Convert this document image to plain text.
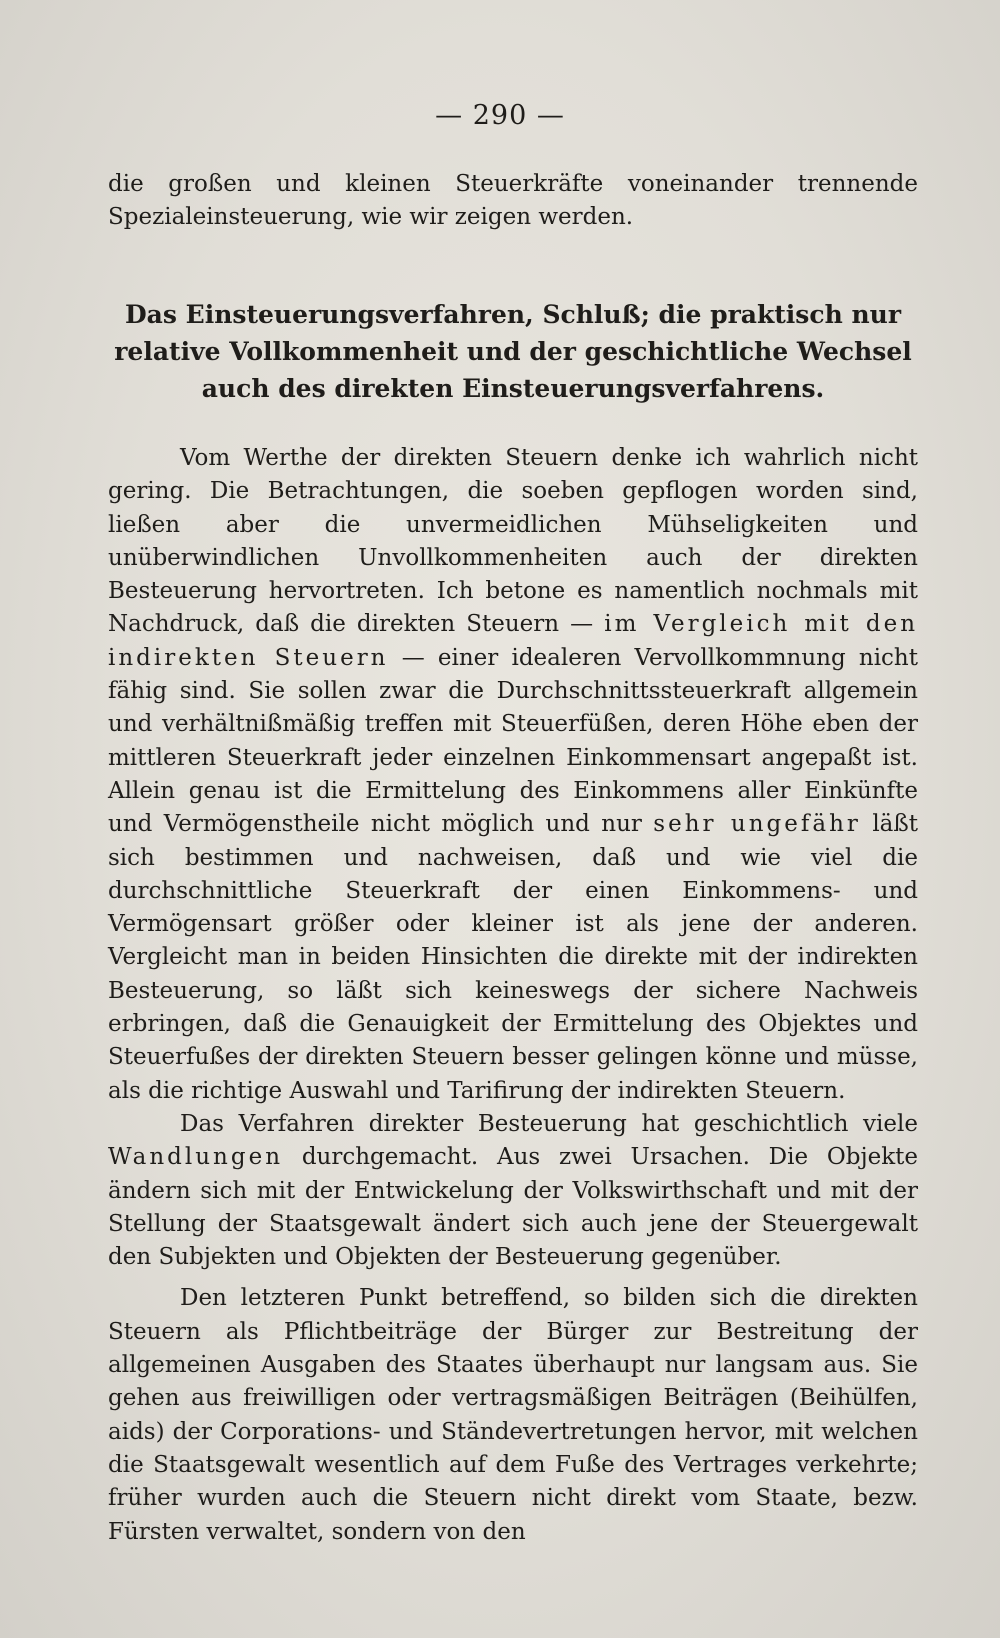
— 290 —

die großen und kleinen Steuerkräfte voneinander trennende Spezialeinsteuerung, wie wir zeigen werden.

Das Einsteuerungsverfahren, Schluß; die praktisch nur relative Vollkommenheit und der geschichtliche Wechsel auch des direkten Einsteuerungsverfahrens.

Vom Werthe der direkten Steuern denke ich wahrlich nicht gering. Die Betrachtungen, die soeben gepflogen worden sind, ließen aber die unvermeidlichen Mühseligkeiten und unüberwindlichen Unvollkommenheiten auch der direkten Besteuerung hervortreten. Ich betone es namentlich nochmals mit Nachdruck, daß die direkten Steuern — im Vergleich mit den indirekten Steuern — einer idealeren Vervollkommnung nicht fähig sind. Sie sollen zwar die Durchschnittssteuerkraft allgemein und verhältnißmäßig treffen mit Steuerfüßen, deren Höhe eben der mittleren Steuerkraft jeder einzelnen Einkommensart angepaßt ist. Allein genau ist die Ermittelung des Einkommens aller Einkünfte und Vermögenstheile nicht möglich und nur sehr ungefähr läßt sich bestimmen und nachweisen, daß und wie viel die durchschnittliche Steuerkraft der einen Einkommens- und Vermögensart größer oder kleiner ist als jene der anderen. Vergleicht man in beiden Hinsichten die direkte mit der indirekten Besteuerung, so läßt sich keineswegs der sichere Nachweis erbringen, daß die Genauigkeit der Ermittelung des Objektes und Steuerfußes der direkten Steuern besser gelingen könne und müsse, als die richtige Auswahl und Tarifirung der indirekten Steuern.

Das Verfahren direkter Besteuerung hat geschichtlich viele Wandlungen durchgemacht. Aus zwei Ursachen. Die Objekte ändern sich mit der Entwickelung der Volkswirthschaft und mit der Stellung der Staatsgewalt ändert sich auch jene der Steuergewalt den Subjekten und Objekten der Besteuerung gegenüber.

Den letzteren Punkt betreffend, so bilden sich die direkten Steuern als Pflichtbeiträge der Bürger zur Bestreitung der allgemeinen Ausgaben des Staates überhaupt nur langsam aus. Sie gehen aus freiwilligen oder vertragsmäßigen Beiträgen (Beihülfen, aids) der Corporations- und Ständevertretungen hervor, mit welchen die Staatsgewalt wesentlich auf dem Fuße des Vertrages verkehrte; früher wurden auch die Steuern nicht direkt vom Staate, bezw. Fürsten verwaltet, sondern von den
